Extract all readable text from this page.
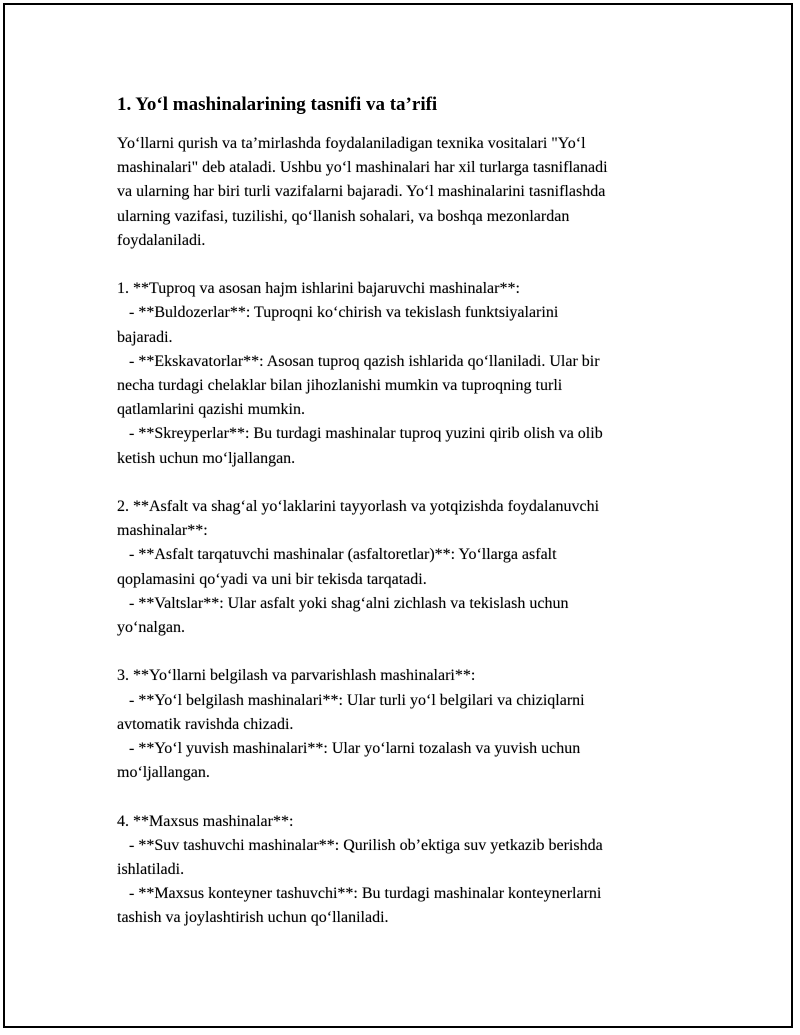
1. Yo‘l mashinalarining tasnifi va ta’rifi
Yo‘llarni qurish va ta’mirlashda foydalaniladigan texnika vositalari "Yo‘l
mashinalari" deb ataladi. Ushbu yo‘l mashinalari har xil turlarga tasniflanadi
va ularning har biri turli vazifalarni bajaradi. Yo‘l mashinalarini tasniflashda
ularning vazifasi, tuzilishi, qo‘llanish sohalari, va boshqa mezonlardan
foydalaniladi.
1. **Tuproq va asosan hajm ishlarini bajaruvchi mashinalar**:
- **Buldozerlar**: Tuproqni ko‘chirish va tekislash funktsiyalarini
bajaradi.
- **Ekskavatorlar**: Asosan tuproq qazish ishlarida qo‘llaniladi. Ular bir
necha turdagi chelaklar bilan jihozlanishi mumkin va tuproqning turli
qatlamlarini qazishi mumkin.
- **Skreyperlar**: Bu turdagi mashinalar tuproq yuzini qirib olish va olib
ketish uchun mo‘ljallangan.
2. **Asfalt va shag‘al yo‘laklarini tayyorlash va yotqizishda foydalanuvchi
mashinalar**:
- **Asfalt tarqatuvchi mashinalar (asfaltoretlar)**: Yo‘llarga asfalt
qoplamasini qo‘yadi va uni bir tekisda tarqatadi.
- **Valtslar**: Ular asfalt yoki shag‘alni zichlash va tekislash uchun
yo‘nalgan.
3. **Yo‘llarni belgilash va parvarishlash mashinalari**:
- **Yo‘l belgilash mashinalari**: Ular turli yo‘l belgilari va chiziqlarni
avtomatik ravishda chizadi.
- **Yo‘l yuvish mashinalari**: Ular yo‘larni tozalash va yuvish uchun
mo‘ljallangan.
4. **Maxsus mashinalar**:
- **Suv tashuvchi mashinalar**: Qurilish ob’ektiga suv yetkazib berishda
ishlatiladi.
- **Maxsus konteyner tashuvchi**: Bu turdagi mashinalar konteynerlarni
tashish va joylashtirish uchun qo‘llaniladi.
